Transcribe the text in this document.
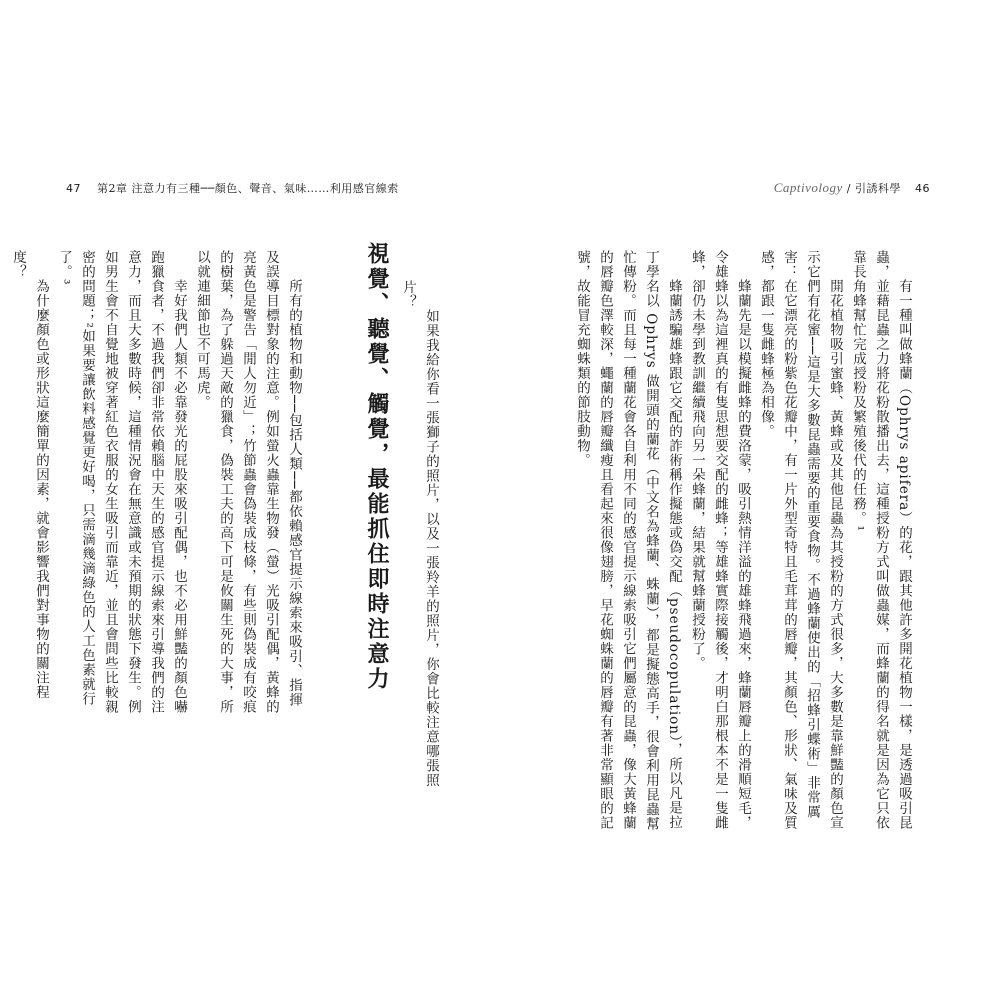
47 第2章 注意力有三種──顏色、聲音、氣味……利用感官線索
　　所有的植物和動物──包括人類──都依賴感官提示線索來吸引、指揮及誤導目標對象的注意。例如螢火蟲靠生物發（螢）光吸引配偶，黃蜂的亮黃色是警告「閒人勿近」；竹節蟲會偽裝成枝條，有些則偽裝成有咬痕的樹葉，為了躲過天敵的獵食，偽裝工夫的高下可是攸關生死的大事，所以就連細節也不可馬虎。
　　幸好我們人類不必靠發光的屁股來吸引配偶，也不必用鮮豔的顏色嚇跑獵食者，不過我們卻非常依賴腦中天生的感官提示線索來引導我們的注意力，而且大多數時候，這種情況會在無意識或未預期的狀態下發生。例如男生會不自覺地被穿著紅色衣服的女生吸引而靠近，並且會問些比較親密的問題；²如果要讓飲料感覺更好喝，只需滴幾滴綠色的人工色素就行了。³
　　為什麼顏色或形狀這麼簡單的因素，就會影響我們對事物的關注程度？	視覺、聽覺、觸覺，最能抓住即時注意力	　　如果我給你看一張獅子的照片，以及一張羚羊的照片，你會比較注意哪張照片？
Captivology / 引誘科學 46
　　有一種叫做蜂蘭（Ophrys apifera）的花，跟其他許多開花植物一樣，是透過吸引昆蟲，並藉昆蟲之力將花粉散播出去，這種授粉方式叫做蟲媒，而蜂蘭的得名就是因為它只依靠長角蜂幫忙完成授粉及繁殖後代的任務。¹
　　開花植物吸引蜜蜂、黃蜂或及其他昆蟲為其授粉的方式很多，大多數是靠鮮豔的顏色宣示它們有花蜜──這是大多數昆蟲需要的重要食物。不過蜂蘭使出的「招蜂引蝶術」非常厲害：在它漂亮的粉紫色花瓣中，有一片外型奇特且毛茸茸的唇瓣，其顏色、形狀、氣味及質感，都跟一隻雌蜂極為相像。
　　蜂蘭先是以模擬雌蜂的費洛蒙，吸引熱情洋溢的雄蜂飛過來，蜂蘭唇瓣上的滑順短毛，令雄蜂以為這裡真的有隻思想要交配的雌蜂；等雄蜂實際接觸後，才明白那根本不是一隻雌蜂，卻仍未學到教訓繼續飛向另一朵蜂蘭，結果就幫蜂蘭授粉了。
　　蜂蘭誘騙雄蜂跟它交配的詐術稱作擬態或偽交配（pseudocopulation），所以凡是拉丁學名以 Ophrys 做開頭的蘭花（中文名為蜂蘭、蛛蘭），都是擬態高手，很會利用昆蟲幫忙傳粉。而且每一種蘭花會各自利用不同的感官提示線索吸引它們屬意的昆蟲，像大黃蜂蘭的唇瓣色澤較深，蠅蘭的唇瓣纖瘦且看起來很像翅膀，早花蜘蛛蘭的唇瓣有著非常顯眼的記號，故能冒充蜘蛛類的節肢動物。
